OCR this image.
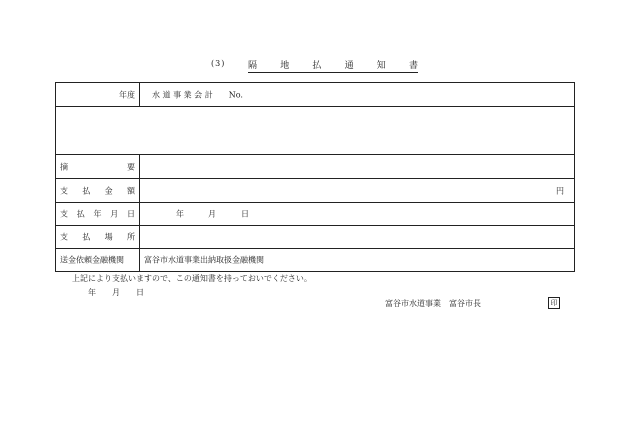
(3)	隔	地	払	通	知	書
年度 水 道 事 業 会 計　　No.
摘	要
支 払 金 額	円
支 払 年 月 日	年	月	日
支 払 場 所
送金依頼金融機関	富谷市水道事業出納取扱金融機関
上記により支払いますので、この通知書を持っておいでください。
年　　月　　日
富谷市水道事業　富谷市長	印
